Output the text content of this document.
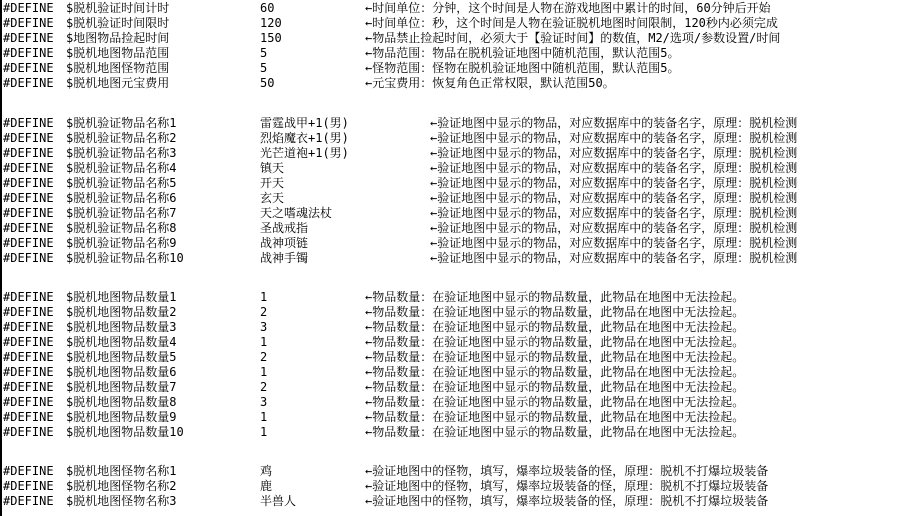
#DEFINE $脱机验证时间计时	60	←时间单位：分钟，这个时间是人物在游戏地图中累计的时间，60分钟后开始
#DEFINE $脱机验证时间限时	120	←时间单位：秒，这个时间是人物在验证脱机地图时间限制，120秒内必须完成
#DEFINE $地图物品捡起时间	150	←物品禁止捡起时间，必须大于【验证时间】的数值，M2/选项/参数设置/时间
#DEFINE $脱机地图物品范围	5	←物品范围：物品在脱机验证地图中随机范围，默认范围5。
#DEFINE $脱机地图怪物范围	5	←怪物范围：怪物在脱机验证地图中随机范围，默认范围5。
#DEFINE $脱机地图元宝费用	50	←元宝费用：恢复角色正常权限，默认范围50。
#DEFINE $脱机验证物品名称1	雷霆战甲+1(男)	←验证地图中显示的物品，对应数据库中的装备名字，原理：脱机检测
#DEFINE $脱机验证物品名称2	烈焰魔衣+1(男)	←验证地图中显示的物品，对应数据库中的装备名字，原理：脱机检测
#DEFINE $脱机验证物品名称3	光芒道袍+1(男)	←验证地图中显示的物品，对应数据库中的装备名字，原理：脱机检测
#DEFINE $脱机验证物品名称4	镇天	←验证地图中显示的物品，对应数据库中的装备名字，原理：脱机检测
#DEFINE $脱机验证物品名称5	开天	←验证地图中显示的物品，对应数据库中的装备名字，原理：脱机检测
#DEFINE $脱机验证物品名称6	玄天	←验证地图中显示的物品，对应数据库中的装备名字，原理：脱机检测
#DEFINE $脱机验证物品名称7	天之嗜魂法杖	←验证地图中显示的物品，对应数据库中的装备名字，原理：脱机检测
#DEFINE $脱机验证物品名称8	圣战戒指	←验证地图中显示的物品，对应数据库中的装备名字，原理：脱机检测
#DEFINE $脱机验证物品名称9	战神项链	←验证地图中显示的物品，对应数据库中的装备名字，原理：脱机检测
#DEFINE $脱机验证物品名称10	战神手镯	←验证地图中显示的物品，对应数据库中的装备名字，原理：脱机检测
#DEFINE $脱机地图物品数量1	1	←物品数量：在验证地图中显示的物品数量，此物品在地图中无法捡起。
#DEFINE $脱机地图物品数量2	2	←物品数量：在验证地图中显示的物品数量，此物品在地图中无法捡起。
#DEFINE $脱机地图物品数量3	3	←物品数量：在验证地图中显示的物品数量，此物品在地图中无法捡起。
#DEFINE $脱机地图物品数量4	1	←物品数量：在验证地图中显示的物品数量，此物品在地图中无法捡起。
#DEFINE $脱机地图物品数量5	2	←物品数量：在验证地图中显示的物品数量，此物品在地图中无法捡起。
#DEFINE $脱机地图物品数量6	1	←物品数量：在验证地图中显示的物品数量，此物品在地图中无法捡起。
#DEFINE $脱机地图物品数量7	2	←物品数量：在验证地图中显示的物品数量，此物品在地图中无法捡起。
#DEFINE $脱机地图物品数量8	3	←物品数量：在验证地图中显示的物品数量，此物品在地图中无法捡起。
#DEFINE $脱机地图物品数量9	1	←物品数量：在验证地图中显示的物品数量，此物品在地图中无法捡起。
#DEFINE $脱机地图物品数量10	1	←物品数量：在验证地图中显示的物品数量，此物品在地图中无法捡起。
#DEFINE $脱机地图怪物名称1	鸡	←验证地图中的怪物，填写，爆率垃圾装备的怪，原理：脱机不打爆垃圾装备
#DEFINE $脱机地图怪物名称2	鹿	←验证地图中的怪物，填写，爆率垃圾装备的怪，原理：脱机不打爆垃圾装备
#DEFINE $脱机地图怪物名称3	半兽人	←验证地图中的怪物，填写，爆率垃圾装备的怪，原理：脱机不打爆垃圾装备
